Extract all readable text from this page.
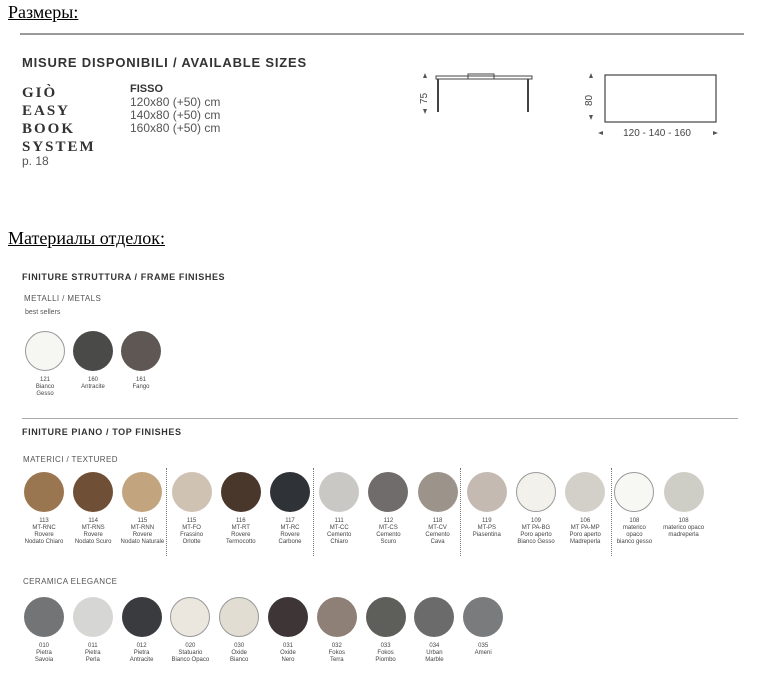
Размеры:
MISURE DISPONIBILI / AVAILABLE SIZES
GIÒ
EASY
BOOK
SYSTEM
p. 18
FISSO
120x80 (+50) cm
140x80 (+50) cm
160x80 (+50) cm
75	80
120 - 140 - 160
Материалы отделок:
FINITURE STRUTTURA / FRAME FINISHES
METALLI / METALS
best sellers
121
Bianco
Gesso
160
Antracite
161
Fango
FINITURE PIANO / TOP FINISHES
MATERICI / TEXTURED
113
MT-RNC
Rovere
Nodato Chiaro
114
MT-RNS
Rovere
Nodato Scuro
115
MT-RNN
Rovere
Nodato Naturale
115
MT-FO
Frassino
Orlotte
116
MT-RT
Rovere
Termocotto
117
MT-RC
Rovere
Carbone
111
MT-CC
Cemento
Chiaro
112
MT-CS
Cemento
Scuro
118
MT-CV
Cemento
Cava
119
MT-PS
Piasentina
109
MT PA-BG
Poro aperto
Bianco Gesso
106
MT PA-MP
Poro aperto
Madreperla
108
materico
opaco
bianco gesso
108
materico opaco
madreperla
CERAMICA ELEGANCE
010
Pietra
Savoia
011
Pietra
Perla
012
Pietra
Antracite
020
Statuario
Bianco Opaco
030
Oxide
Bianco
031
Oxide
Nero
032
Fokos
Terra
033
Fokos
Piombo
034
Urban
Marble
035
Ameni
